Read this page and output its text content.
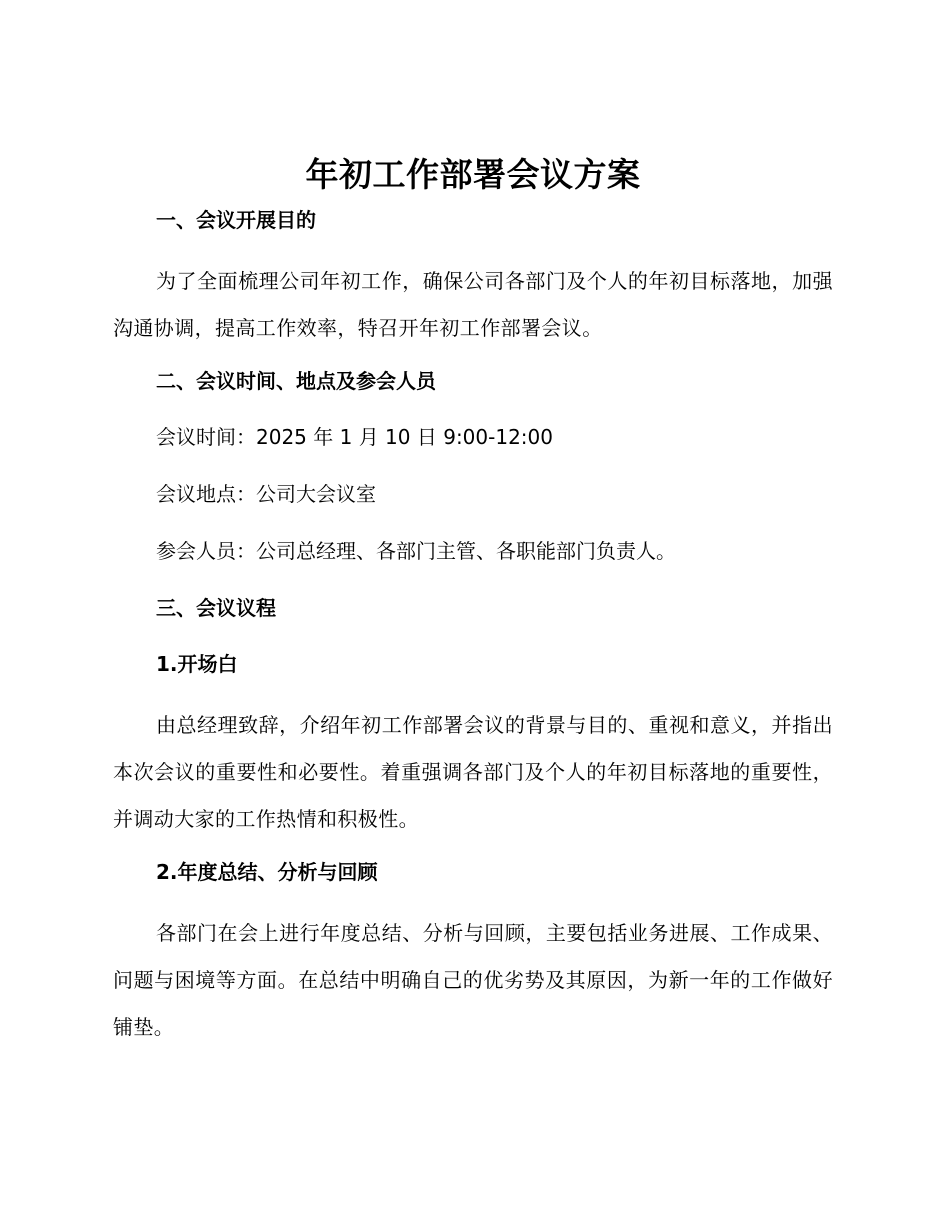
年初工作部署会议方案
一、会议开展目的

为了全面梳理公司年初工作，确保公司各部门及个人的年初目标落地，加强沟通协调，提高工作效率，特召开年初工作部署会议。

二、会议时间、地点及参会人员

会议时间：2025 年 1 月 10 日 9:00-12:00

会议地点：公司大会议室

参会人员：公司总经理、各部门主管、各职能部门负责人。

三、会议议程
1.开场白

由总经理致辞，介绍年初工作部署会议的背景与目的、重视和意义，并指出本次会议的重要性和必要性。着重强调各部门及个人的年初目标落地的重要性，并调动大家的工作热情和积极性。

2.年度总结、分析与回顾

各部门在会上进行年度总结、分析与回顾，主要包括业务进展、工作成果、问题与困境等方面。在总结中明确自己的优劣势及其原因，为新一年的工作做好铺垫。
